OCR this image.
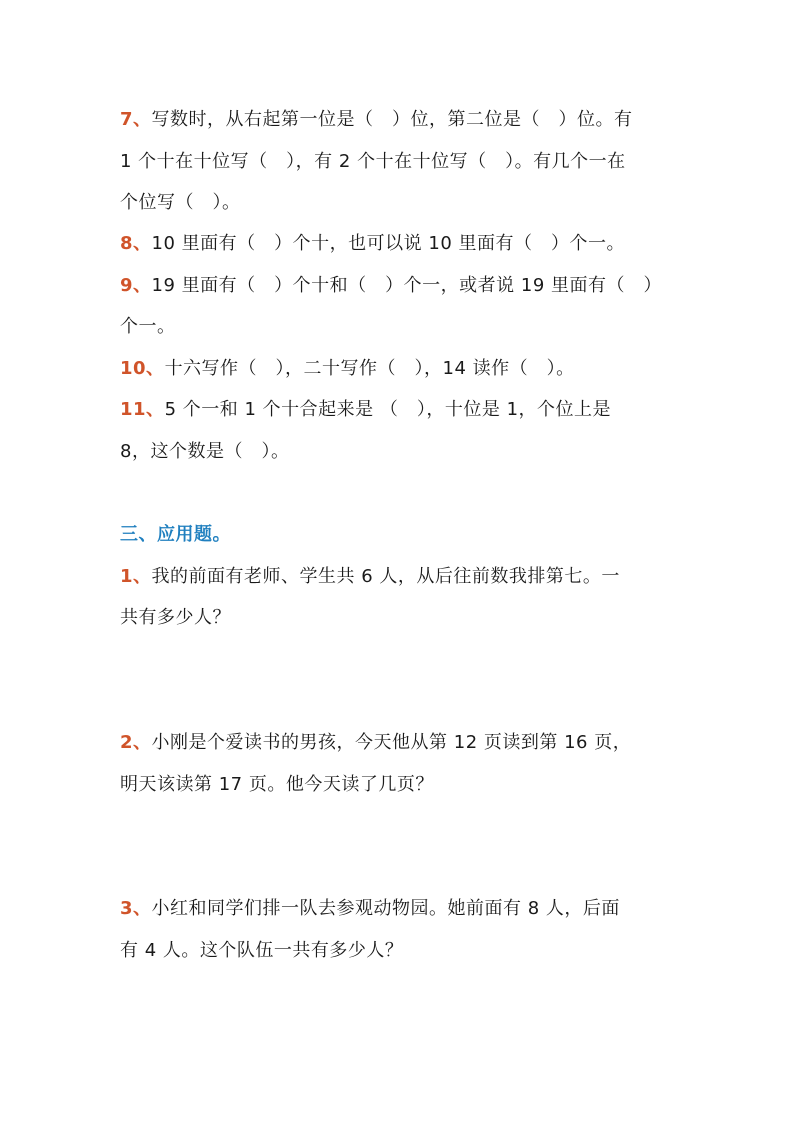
7、写数时，从右起第一位是（　）位，第二位是（　）位。有
1 个十在十位写（　），有 2 个十在十位写（　）。有几个一在
个位写（　）。
8、10 里面有（　）个十，也可以说 10 里面有（　）个一。
9、19 里面有（　）个十和（　）个一，或者说 19 里面有（　）
个一。
10、十六写作（　），二十写作（　），14 读作（　）。
11、5 个一和 1 个十合起来是 （　），十位是 1，个位上是
8，这个数是（　）。
三、应用题。
1、我的前面有老师、学生共 6 人，从后往前数我排第七。一
共有多少人？
2、小刚是个爱读书的男孩，今天他从第 12 页读到第 16 页，
明天该读第 17 页。他今天读了几页？
3、小红和同学们排一队去参观动物园。她前面有 8 人，后面
有 4 人。这个队伍一共有多少人？
